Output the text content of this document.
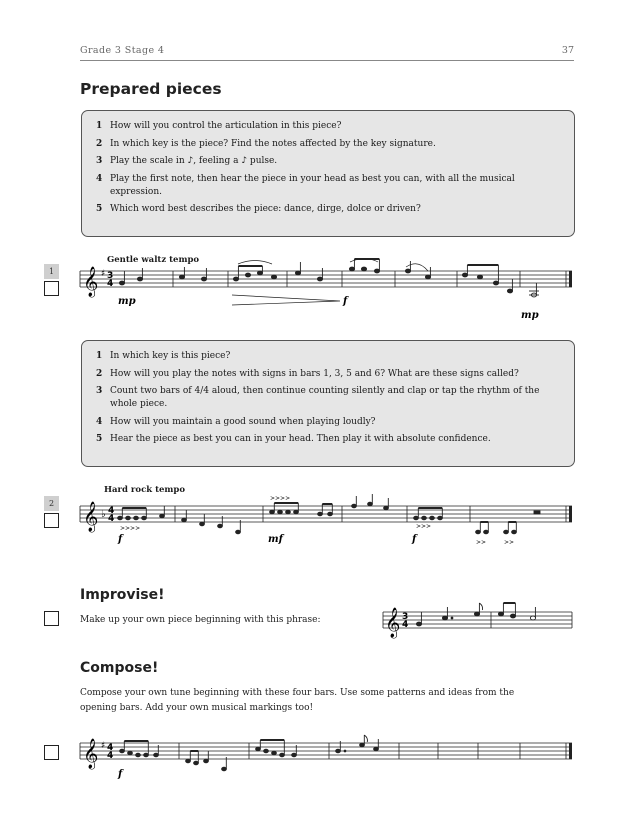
Grade 3 Stage 4	37
Prepared pieces
1 How will you control the articulation in this piece?
2 In which key is the piece? Find the notes affected by the key signature.
3 Play the scale in ♪, feeling a ♪ pulse.
4 Play the first note, then hear the piece in your head as best you can, with all the musical expression.
5 Which word best describes the piece: dance, dirge, dolce or driven?
1
Gentle waltz tempo
𝄞 ♯ 3
4
mp	f
mp
1 In which key is this piece?
2 How will you play the notes with signs in bars 1, 3, 5 and 6? What are these signs called?
3 Count two bars of 4/4 aloud, then continue counting silently and clap or tap the rhythm of the whole piece.
4 How will you maintain a good sound when playing loudly?
5 Hear the piece as best you can in your head. Then play it with absolute confidence.
2
Hard rock tempo
𝄞 ♭ 4
4
>>>>
>>>>
>>>
>>	>>
f	mf	f
Improvise!
Make up your own piece beginning with this phrase: 𝄞 3
4
Compose!
Compose your own tune beginning with these four bars. Use some patterns and ideas from the opening bars. Add your own musical markings too!
𝄞 ♯ 4
4
f
